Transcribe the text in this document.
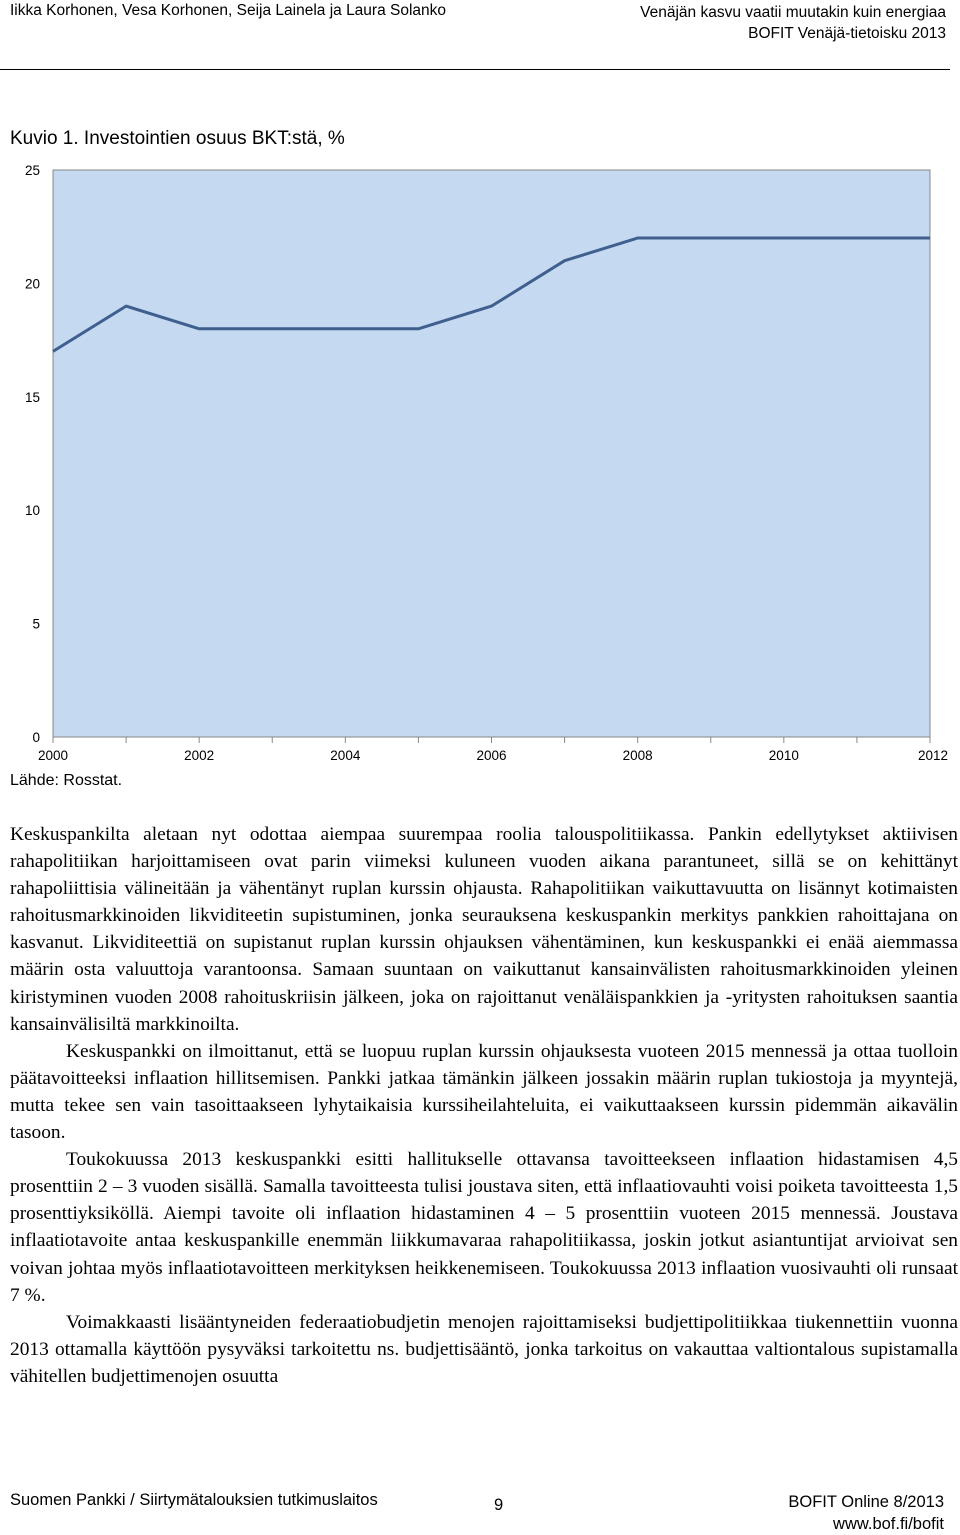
Iikka Korhonen, Vesa Korhonen, Seija Lainela ja Laura Solanko	Venäjän kasvu vaatii muutakin kuin energiaa
BOFIT Venäjä-tietoisku 2013
Kuvio 1. Investointien osuus BKT:stä, %
0
5
10
15
20
25
2000	2002	2004	2006	2008	2010	2012
Lähde: Rosstat.

Keskuspankilta aletaan nyt odottaa aiempaa suurempaa roolia talouspolitiikassa. Pankin edellytykset aktiivisen rahapolitiikan harjoittamiseen ovat parin viimeksi kuluneen vuoden aikana parantuneet, sillä se on kehittänyt rahapoliittisia välineitään ja vähentänyt ruplan kurssin ohjausta. Rahapolitiikan vaikuttavuutta on lisännyt kotimaisten rahoitusmarkkinoiden likviditeetin supistuminen, jonka seurauksena keskuspankin merkitys pankkien rahoittajana on kasvanut. Likviditeettiä on supistanut ruplan kurssin ohjauksen vähentäminen, kun keskuspankki ei enää aiemmassa määrin osta valuuttoja varantoonsa. Samaan suuntaan on vaikuttanut kansainvälisten rahoitusmarkkinoiden yleinen kiristyminen vuoden 2008 rahoituskriisin jälkeen, joka on rajoittanut venäläispankkien ja -yritysten rahoituksen saantia kansainvälisiltä markkinoilta.

Keskuspankki on ilmoittanut, että se luopuu ruplan kurssin ohjauksesta vuoteen 2015 mennessä ja ottaa tuolloin päätavoitteeksi inflaation hillitsemisen. Pankki jatkaa tämänkin jälkeen jossakin määrin ruplan tukiostoja ja myyntejä, mutta tekee sen vain tasoittaakseen lyhytaikaisia kurssiheilahteluita, ei vaikuttaakseen kurssin pidemmän aikavälin tasoon.

Toukokuussa 2013 keskuspankki esitti hallitukselle ottavansa tavoitteekseen inflaation hidastamisen 4,5 prosenttiin 2 – 3 vuoden sisällä. Samalla tavoitteesta tulisi joustava siten, että inflaatiovauhti voisi poiketa tavoitteesta 1,5 prosenttiyksiköllä. Aiempi tavoite oli inflaation hidastaminen 4 – 5 prosenttiin vuoteen 2015 mennessä. Joustava inflaatiotavoite antaa keskuspankille enemmän liikkumavaraa rahapolitiikassa, joskin jotkut asiantuntijat arvioivat sen voivan johtaa myös inflaatiotavoitteen merkityksen heikkenemiseen. Toukokuussa 2013 inflaation vuosivauhti oli runsaat 7 %.

Voimakkaasti lisääntyneiden federaatiobudjetin menojen rajoittamiseksi budjettipolitiikkaa tiukennettiin vuonna 2013 ottamalla käyttöön pysyväksi tarkoitettu ns. budjettisääntö, jonka tarkoitus on vakauttaa valtiontalous supistamalla vähitellen budjettimenojen osuutta

Suomen Pankki / Siirtymätalouksien tutkimuslaitos	9	BOFIT Online 8/2013
www.bof.fi/bofit
